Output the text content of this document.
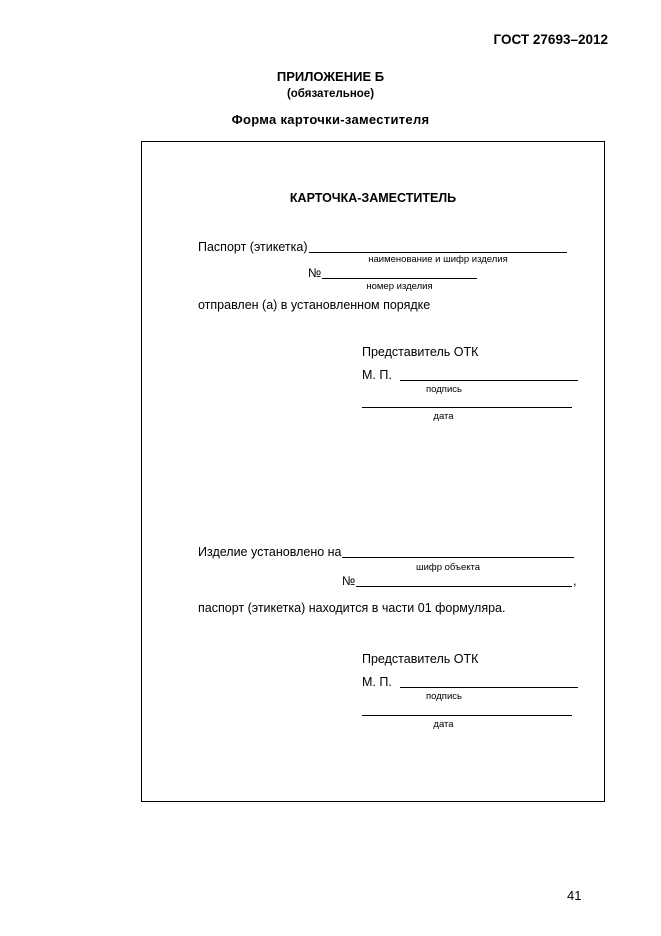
ГОСТ 27693–2012
ПРИЛОЖЕНИЕ Б
(обязательное)
Форма карточки-заместителя
КАРТОЧКА-ЗАМЕСТИТЕЛЬ
Паспорт (этикетка)
наименование и шифр изделия
№
номер изделия
отправлен (а) в установленном порядке
Представитель ОТК
М. П.
подпись
дата
Изделие установлено на
шифр объекта
№	,
паспорт (этикетка) находится в части 01 формуляра.
Представитель ОТК
М. П.
подпись
дата
41
